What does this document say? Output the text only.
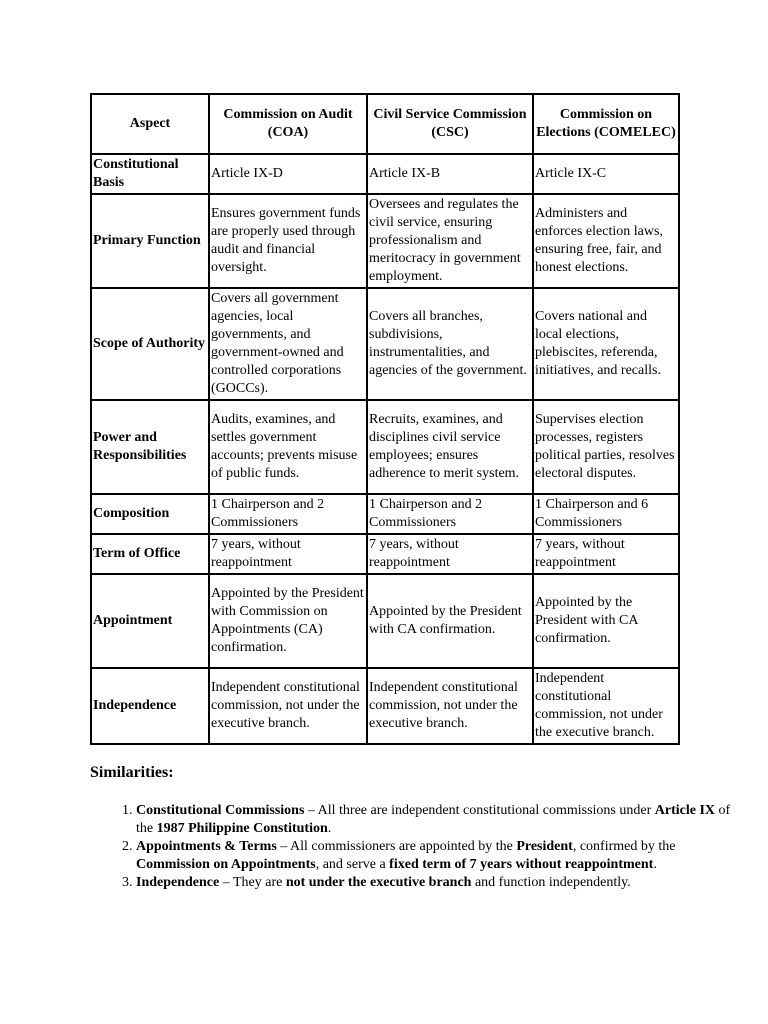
Aspect	Commission on Audit (COA)	Civil Service Commission (CSC)	Commission on Elections (COMELEC)
Constitutional Basis	Article IX-D	Article IX-B	Article IX-C
Primary Function	Ensures government funds are properly used through audit and financial oversight.	Oversees and regulates the civil service, ensuring professionalism and meritocracy in government employment.	Administers and enforces election laws, ensuring free, fair, and honest elections.
Scope of Authority	Covers all government agencies, local governments, and government-owned and controlled corporations (GOCCs).	Covers all branches, subdivisions, instrumentalities, and agencies of the government.	Covers national and local elections, plebiscites, referenda, initiatives, and recalls.
Power and Responsibilities	Audits, examines, and settles government accounts; prevents misuse of public funds.	Recruits, examines, and disciplines civil service employees; ensures adherence to merit system.	Supervises election processes, registers political parties, resolves electoral disputes.
Composition	1 Chairperson and 2 Commissioners	1 Chairperson and 2 Commissioners	1 Chairperson and 6 Commissioners
Term of Office	7 years, without reappointment	7 years, without reappointment	7 years, without reappointment
Appointment	Appointed by the President with Commission on Appointments (CA) confirmation.	Appointed by the President with CA confirmation.	Appointed by the President with CA confirmation.
Independence	Independent constitutional commission, not under the executive branch.	Independent constitutional commission, not under the executive branch.	Independent constitutional commission, not under the executive branch.
Similarities:
1. Constitutional Commissions – All three are independent constitutional commissions under Article IX of the 1987 Philippine Constitution.
2. Appointments & Terms – All commissioners are appointed by the President, confirmed by the Commission on Appointments, and serve a fixed term of 7 years without reappointment.
3. Independence – They are not under the executive branch and function independently.
